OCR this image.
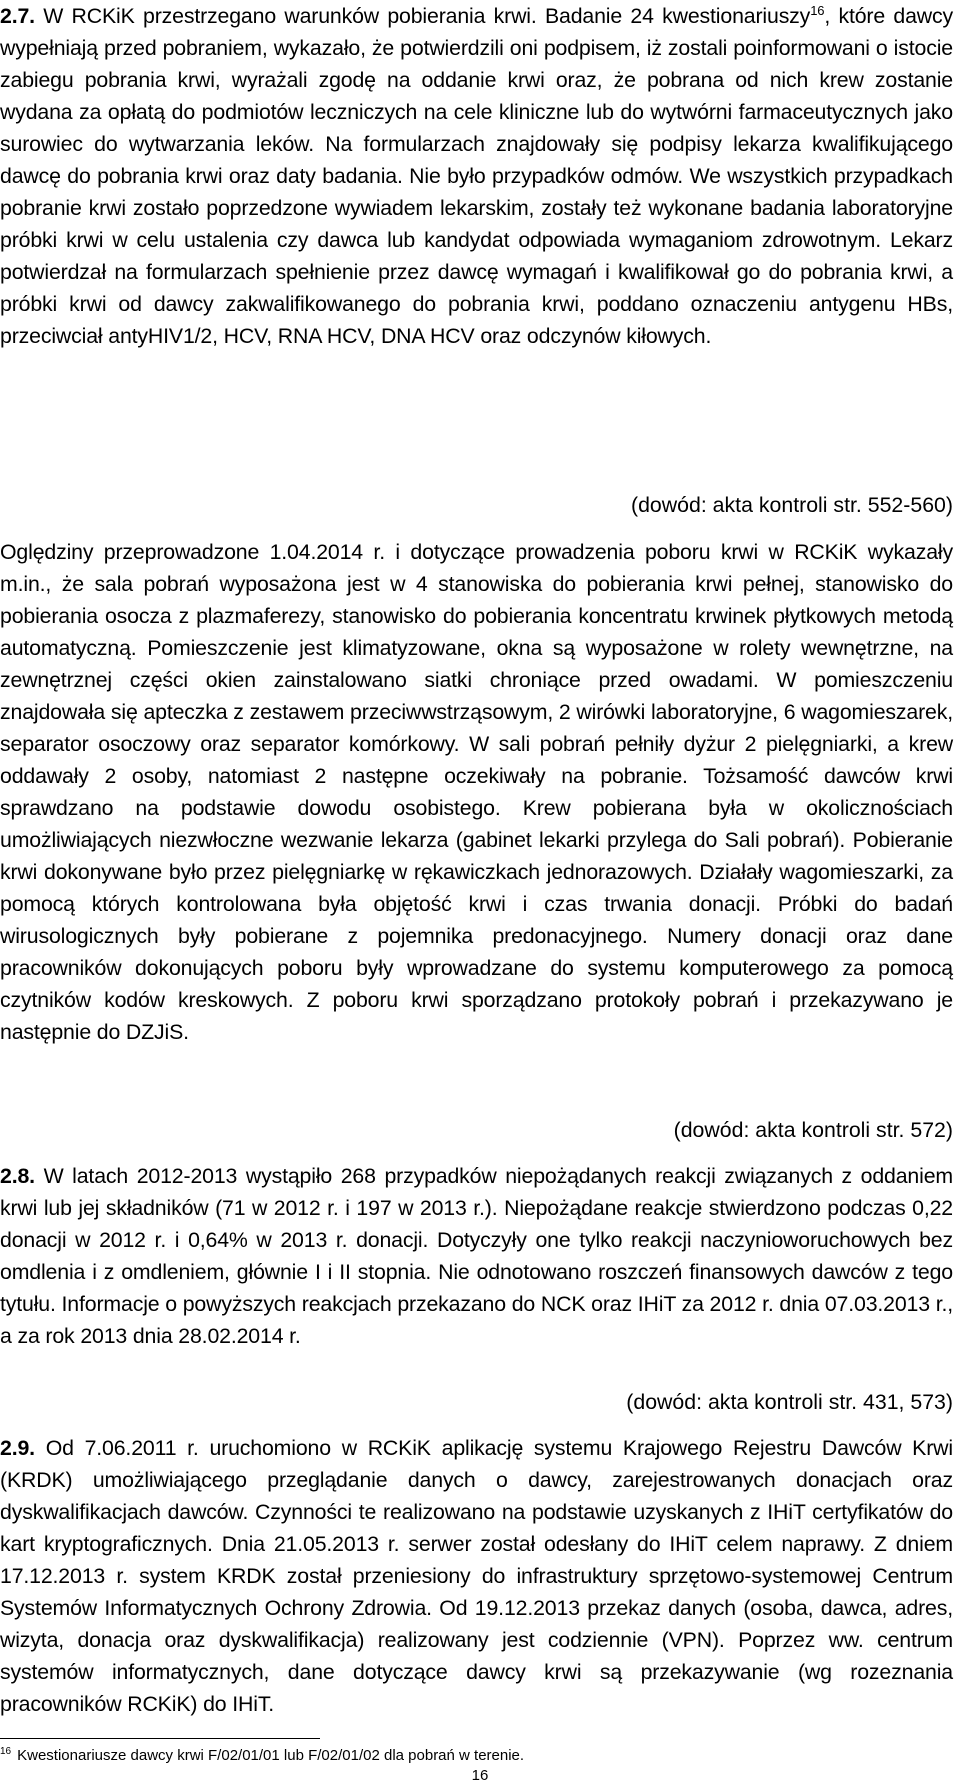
2.7. W RCKiK przestrzegano warunków pobierania krwi. Badanie 24 kwestionariuszy$^{16}$, które dawcy wypełniają przed pobraniem, wykazało, że potwierdzili oni podpisem, iż zostali poinformowani o istocie zabiegu pobrania krwi, wyrażali zgodę na oddanie krwi oraz, że pobrana od nich krew zostanie wydana za opłatą do podmiotów leczniczych na cele kliniczne lub do wytwórni farmaceutycznych jako surowiec do wytwarzania leków. Na formularzach znajdowały się podpisy lekarza kwalifikującego dawcę do pobrania krwi oraz daty badania. Nie było przypadków odmów. We wszystkich przypadkach pobranie krwi zostało poprzedzone wywiadem lekarskim, zostały też wykonane badania laboratoryjne próbki krwi w celu ustalenia czy dawca lub kandydat odpowiada wymaganiom zdrowotnym. Lekarz potwierdzał na formularzach spełnienie przez dawcę wymagań i kwalifikował go do pobrania krwi, a próbki krwi od dawcy zakwalifikowanego do pobrania krwi, poddano oznaczeniu antygenu HBs, przeciwciał antyHIV1/2, HCV, RNA HCV, DNA HCV oraz odczynów kiłowych.

(dowód: akta kontroli str. 552-560)

Oględziny przeprowadzone 1.04.2014 r. i dotyczące prowadzenia poboru krwi w RCKiK wykazały m.in., że sala pobrań wyposażona jest w 4 stanowiska do pobierania krwi pełnej, stanowisko do pobierania osocza z plazmaferezy, stanowisko do pobierania koncentratu krwinek płytkowych metodą automatyczną. Pomieszczenie jest klimatyzowane, okna są wyposażone w rolety wewnętrzne, na zewnętrznej części okien zainstalowano siatki chroniące przed owadami. W pomieszczeniu znajdowała się apteczka z zestawem przeciwwstrząsowym, 2 wirówki laboratoryjne, 6 wagomieszarek, separator osoczowy oraz separator komórkowy. W sali pobrań pełniły dyżur 2 pielęgniarki, a krew oddawały 2 osoby, natomiast 2 następne oczekiwały na pobranie. Tożsamość dawców krwi sprawdzano na podstawie dowodu osobistego. Krew pobierana była w okolicznościach umożliwiających niezwłoczne wezwanie lekarza (gabinet lekarki przylega do Sali pobrań). Pobieranie krwi dokonywane było przez pielęgniarkę w rękawiczkach jednorazowych. Działały wagomieszarki, za pomocą których kontrolowana była objętość krwi i czas trwania donacji. Próbki do badań wirusologicznych były pobierane z pojemnika predonacyjnego. Numery donacji oraz dane pracowników dokonujących poboru były wprowadzane do systemu komputerowego za pomocą czytników kodów kreskowych. Z poboru krwi sporządzano protokoły pobrań i przekazywano je następnie do DZJiS.

(dowód: akta kontroli str. 572)

2.8. W latach 2012-2013 wystąpiło 268 przypadków niepożądanych reakcji związanych z oddaniem krwi lub jej składników (71 w 2012 r. i 197 w 2013 r.). Niepożądane reakcje stwierdzono podczas 0,22 donacji w 2012 r. i 0,64% w 2013 r. donacji. Dotyczyły one tylko reakcji naczynioworuchowych bez omdlenia i z omdleniem, głównie I i II stopnia. Nie odnotowano roszczeń finansowych dawców z tego tytułu. Informacje o powyższych reakcjach przekazano do NCK oraz IHiT za 2012 r. dnia 07.03.2013 r., a za rok 2013 dnia 28.02.2014 r.

(dowód: akta kontroli str. 431, 573)

2.9. Od 7.06.2011 r. uruchomiono w RCKiK aplikację systemu Krajowego Rejestru Dawców Krwi (KRDK) umożliwiającego przeglądanie danych o dawcy, zarejestrowanych donacjach oraz dyskwalifikacjach dawców. Czynności te realizowano na podstawie uzyskanych z IHiT certyfikatów do kart kryptograficznych. Dnia 21.05.2013 r. serwer został odesłany do IHiT celem naprawy. Z dniem 17.12.2013 r. system KRDK został przeniesiony do infrastruktury sprzętowo-systemowej Centrum Systemów Informatycznych Ochrony Zdrowia. Od 19.12.2013 przekaz danych (osoba, dawca, adres, wizyta, donacja oraz dyskwalifikacja) realizowany jest codziennie (VPN). Poprzez ww. centrum systemów informatycznych, dane dotyczące dawcy krwi są przekazywanie (wg rozeznania pracowników RCKiK) do IHiT.

$^{16}$ Kwestionariusze dawcy krwi F/02/01/01 lub F/02/01/02 dla pobrań w terenie.
16
